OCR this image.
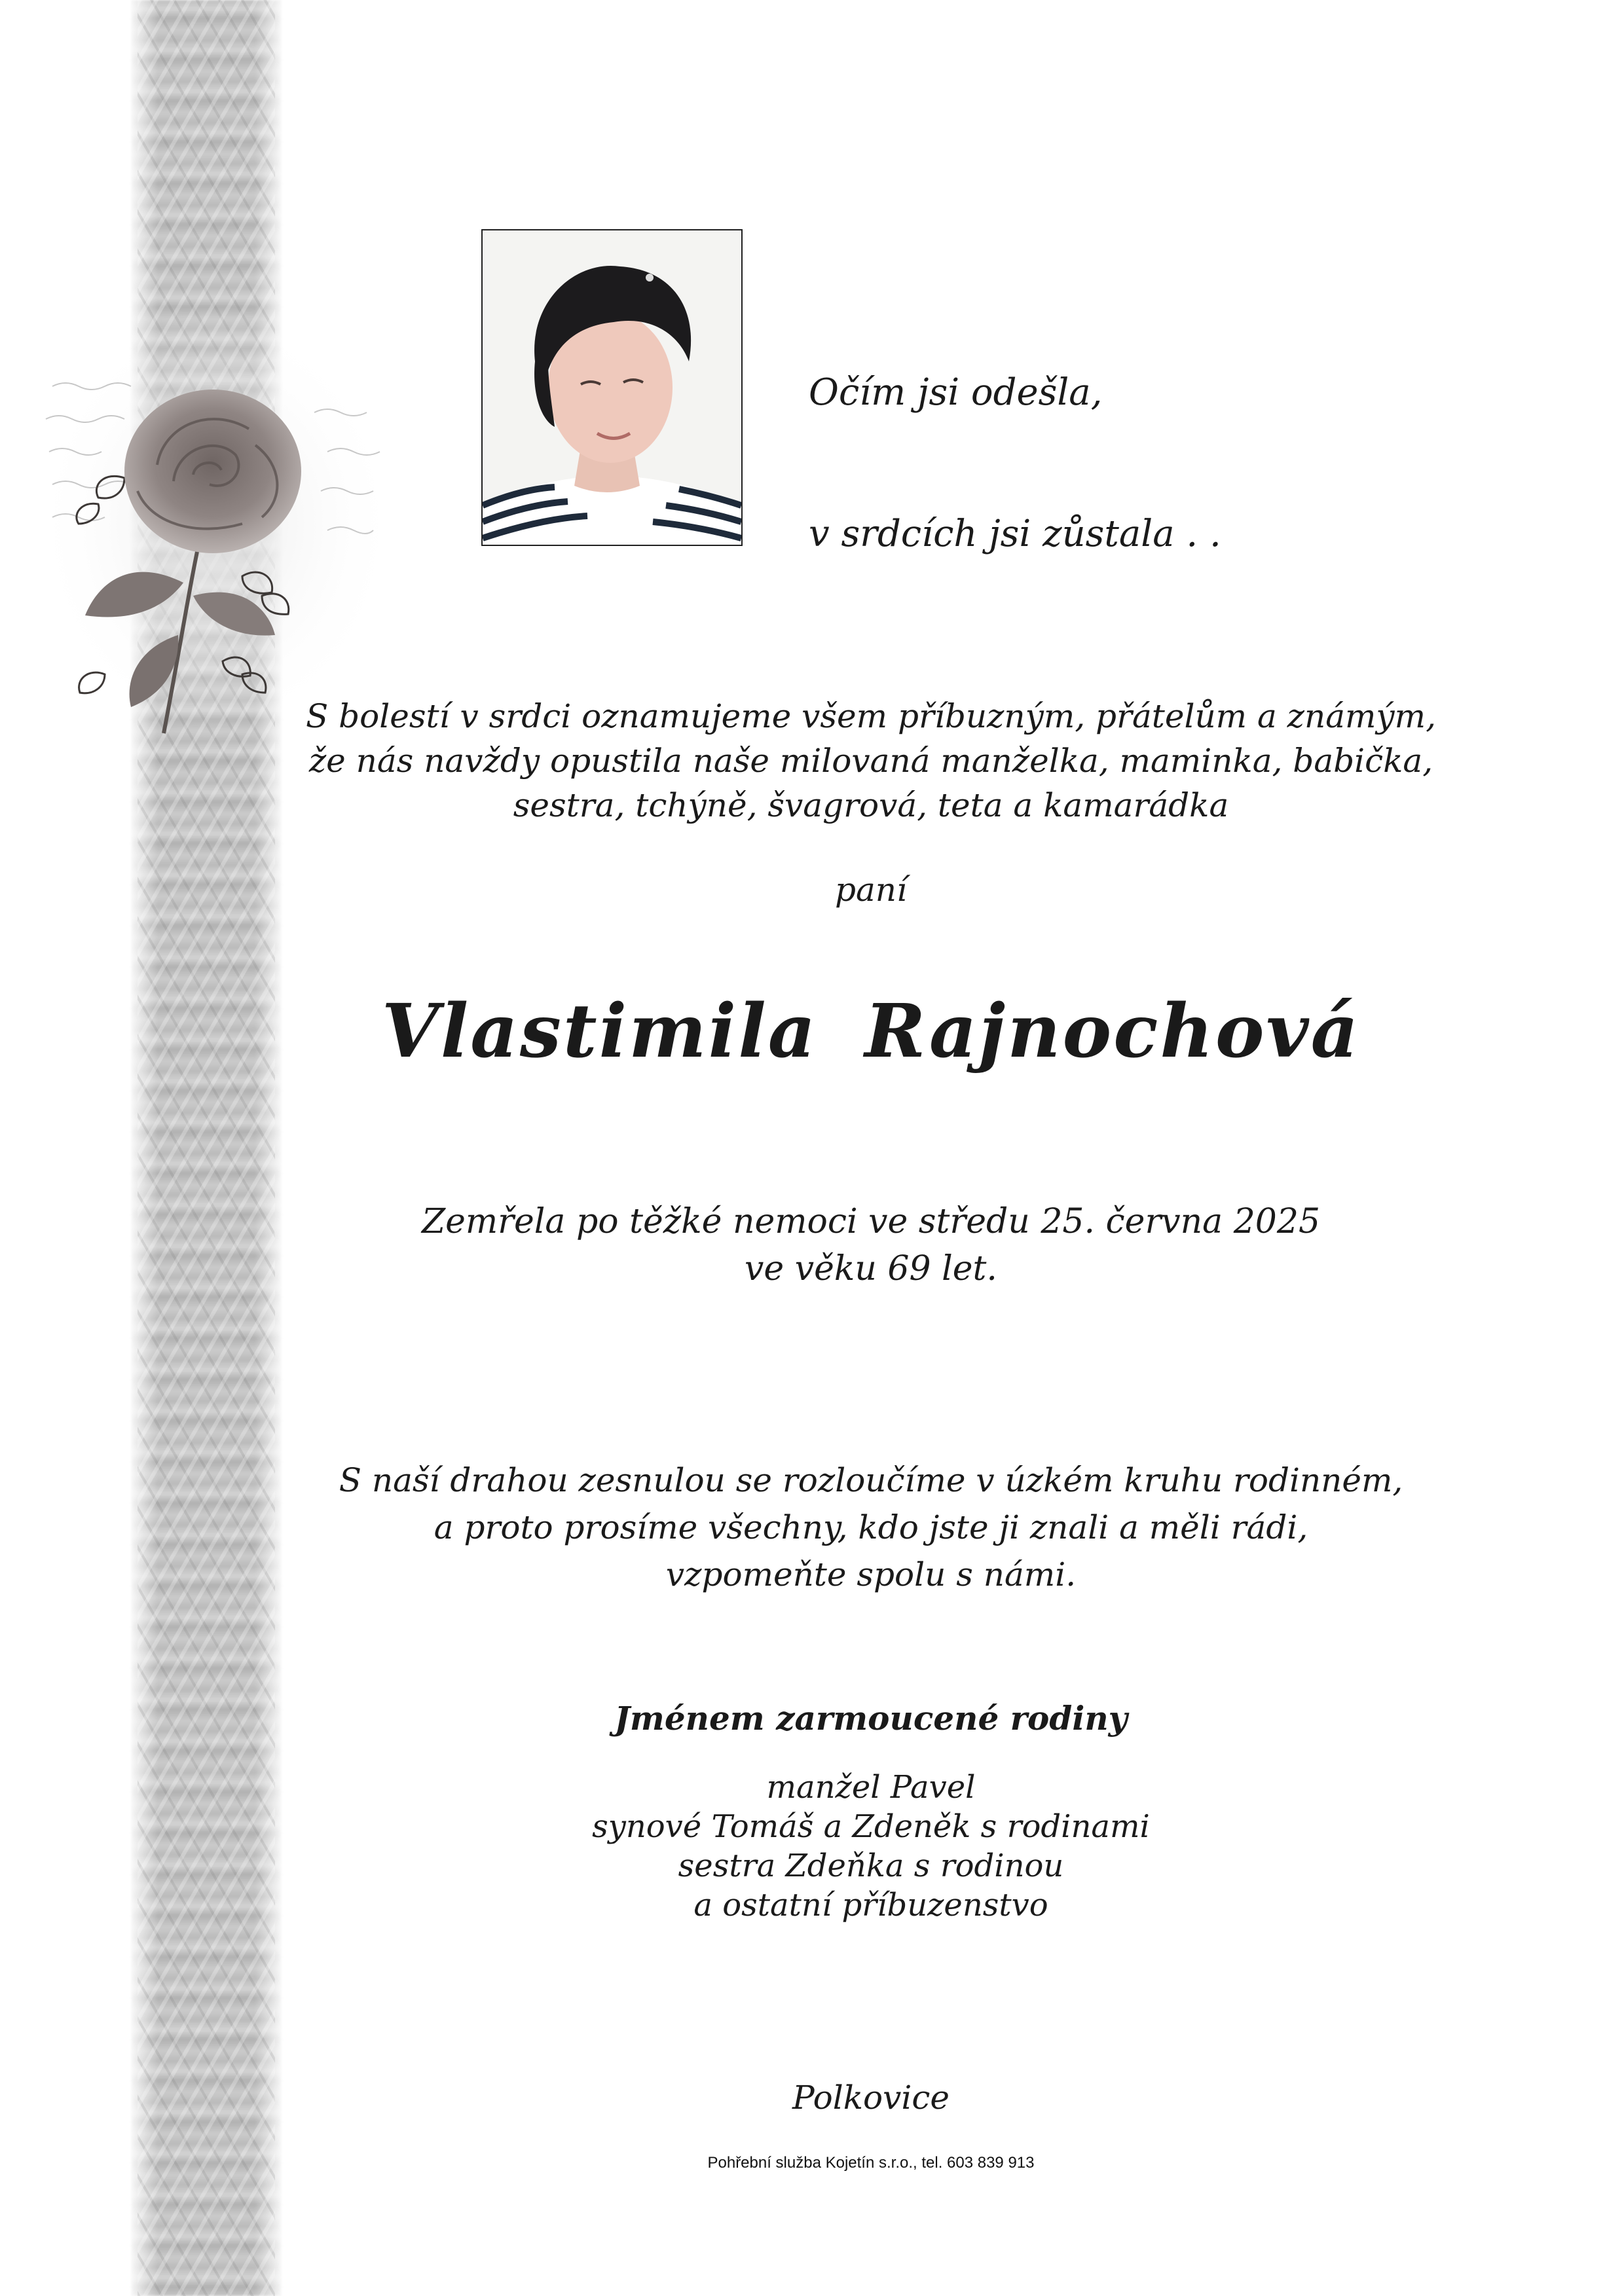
Očím jsi odešla,

v srdcích jsi zůstala . .

S bolestí v srdci oznamujeme všem příbuzným, přátelům a známým,
že nás navždy opustila naše milovaná manželka, maminka, babička,
sestra, tchýně, švagrová, teta a kamarádka
paní
Vlastimila Rajnochová
Zemřela po těžké nemoci ve středu 25. června 2025
ve věku 69 let.
S naší drahou zesnulou se rozloučíme v úzkém kruhu rodinném,
a proto prosíme všechny, kdo jste ji znali a měli rádi,
vzpomeňte spolu s námi.
Jménem zarmoucené rodiny
manžel Pavel
synové Tomáš a Zdeněk s rodinami
sestra Zdeňka s rodinou
a ostatní příbuzenstvo
Polkovice
Pohřební služba Kojetín s.r.o., tel. 603 839 913
